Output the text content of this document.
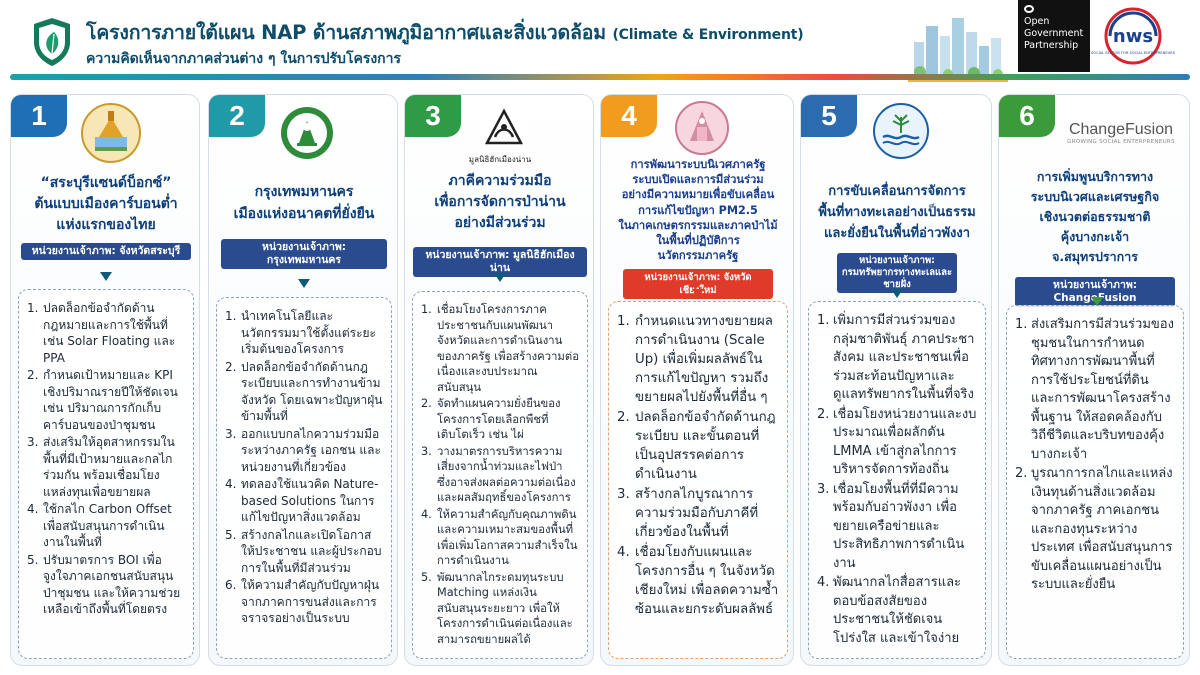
โครงการภายใต้แผน NAP ด้านสภาพภูมิอากาศและสิ่งแวดล้อม (Climate & Environment)
ความคิดเห็นจากภาคส่วนต่าง ๆ ในการปรับโครงการ
Open Government Partnership	nws
SOCIAL SECTOR FOR SOCIAL ENTREPRENEURS
1
“สระบุรีแซนด์บ็อกซ์”
ต้นแบบเมืองคาร์บอนต่ำ
แห่งแรกของไทย
หน่วยงานเจ้าภาพ: จังหวัดสระบุรี
1. ปลดล็อกข้อจำกัดด้านกฎหมายและการใช้พื้นที่ เช่น Solar Floating และ PPA
2. กำหนดเป้าหมายและ KPI เชิงปริมาณรายปีให้ชัดเจน เช่น ปริมาณการกักเก็บคาร์บอนของป่าชุมชน
3. ส่งเสริมให้อุตสาหกรรมในพื้นที่มีเป้าหมายและกลไกร่วมกัน พร้อมเชื่อมโยงแหล่งทุนเพื่อขยายผล
4. ใช้กลไก Carbon Offset เพื่อสนับสนุนการดำเนินงานในพื้นที่
5. ปรับมาตรการ BOI เพื่อจูงใจภาคเอกชนสนับสนุนป่าชุมชน และให้ความช่วยเหลือเข้าถึงพื้นที่โดยตรง
2
กรุงเทพมหานคร
เมืองแห่งอนาคตที่ยั่งยืน
หน่วยงานเจ้าภาพ: กรุงเทพมหานคร
1. นำเทคโนโลยีและนวัตกรรมมาใช้ตั้งแต่ระยะเริ่มต้นของโครงการ
2. ปลดล็อกข้อจำกัดด้านกฎระเบียบและการทำงานข้ามจังหวัด โดยเฉพาะปัญหาฝุ่นข้ามพื้นที่
3. ออกแบบกลไกความร่วมมือระหว่างภาครัฐ เอกชน และหน่วยงานที่เกี่ยวข้อง
4. ทดลองใช้แนวคิด Nature-based Solutions ในการแก้ไขปัญหาสิ่งแวดล้อม
5. สร้างกลไกและเปิดโอกาสให้ประชาชน และผู้ประกอบการในพื้นที่มีส่วนร่วม
6. ให้ความสำคัญกับปัญหาฝุ่นจากภาคการขนส่งและการจราจรอย่างเป็นระบบ
3
มูลนิธิฮักเมืองน่าน
ภาคีความร่วมมือ
เพื่อการจัดการป่าน่าน
อย่างมีส่วนร่วม
หน่วยงานเจ้าภาพ: มูลนิธิฮักเมืองน่าน
1. เชื่อมโยงโครงการภาคประชาชนกับแผนพัฒนาจังหวัดและการดำเนินงานของภาครัฐ เพื่อสร้างความต่อเนื่องและงบประมาณสนับสนุน
2. จัดทำแผนความยั่งยืนของโครงการโดยเลือกพืชที่เติบโตเร็ว เช่น ไผ่
3. วางมาตรการบริหารความเสี่ยงจากน้ำท่วมและไฟป่า ซึ่งอาจส่งผลต่อความต่อเนื่องและผลสัมฤทธิ์ของโครงการ
4. ให้ความสำคัญกับคุณภาพดินและความเหมาะสมของพื้นที่ เพื่อเพิ่มโอกาสความสำเร็จในการดำเนินงาน
5. พัฒนากลไกระดมทุนระบบ Matching แหล่งเงินสนับสนุนระยะยาว เพื่อให้โครงการดำเนินต่อเนื่องและสามารถขยายผลได้
4
การพัฒนาระบบนิเวศภาครัฐ
ระบบเปิดและการมีส่วนร่วม
อย่างมีความหมายเพื่อขับเคลื่อน
การแก้ไขปัญหา PM2.5
ในภาคเกษตรกรรมและภาคป่าไม้
ในพื้นที่ปฏิบัติการ
นวัตกรรมภาครัฐ
หน่วยงานเจ้าภาพ: จังหวัดเชียงใหม่
1. กำหนดแนวทางขยายผลการดำเนินงาน (Scale Up) เพื่อเพิ่มผลลัพธ์ในการแก้ไขปัญหา รวมถึงขยายผลไปยังพื้นที่อื่น ๆ
2. ปลดล็อกข้อจำกัดด้านกฎระเบียบ และขั้นตอนที่เป็นอุปสรรคต่อการดำเนินงาน
3. สร้างกลไกบูรณาการความร่วมมือกับภาคีที่เกี่ยวข้องในพื้นที่
4. เชื่อมโยงกับแผนและโครงการอื่น ๆ ในจังหวัดเชียงใหม่ เพื่อลดความซ้ำซ้อนและยกระดับผลลัพธ์
5
การขับเคลื่อนการจัดการ
พื้นที่ทางทะเลอย่างเป็นธรรม
และยั่งยืนในพื้นที่อ่าวพังงา
หน่วยงานเจ้าภาพ:
กรมทรัพยากรทางทะเลและชายฝั่ง
1. เพิ่มการมีส่วนร่วมของกลุ่มชาติพันธุ์ ภาคประชาสังคม และประชาชนเพื่อร่วมสะท้อนปัญหาและดูแลทรัพยากรในพื้นที่จริง
2. เชื่อมโยงหน่วยงานและงบประมาณเพื่อผลักดัน LMMA เข้าสู่กลไกการบริหารจัดการท้องถิ่น
3. เชื่อมโยงพื้นที่ที่มีความพร้อมกับอ่าวพังงา เพื่อขยายเครือข่ายและประสิทธิภาพการดำเนินงาน
4. พัฒนากลไกสื่อสารและตอบข้อสงสัยของประชาชนให้ชัดเจน โปร่งใส และเข้าใจง่าย
6	ChangeFusion
GROWING SOCIAL ENTERPRENEURS
การเพิ่มพูนบริการทาง
ระบบนิเวศและเศรษฐกิจ
เชิงนวตต่อธรรมชาติ
คุ้งบางกะเจ้า
จ.สมุทรปราการ
หน่วยงานเจ้าภาพ: ChangeFusion
1. ส่งเสริมการมีส่วนร่วมของชุมชนในการกำหนดทิศทางการพัฒนาพื้นที่ การใช้ประโยชน์ที่ดิน และการพัฒนาโครงสร้างพื้นฐาน ให้สอดคล้องกับวิถีชีวิตและบริบทของคุ้งบางกะเจ้า
2. บูรณาการกลไกและแหล่งเงินทุนด้านสิ่งแวดล้อมจากภาครัฐ ภาคเอกชน และกองทุนระหว่างประเทศ เพื่อสนับสนุนการขับเคลื่อนแผนอย่างเป็นระบบและยั่งยืน
